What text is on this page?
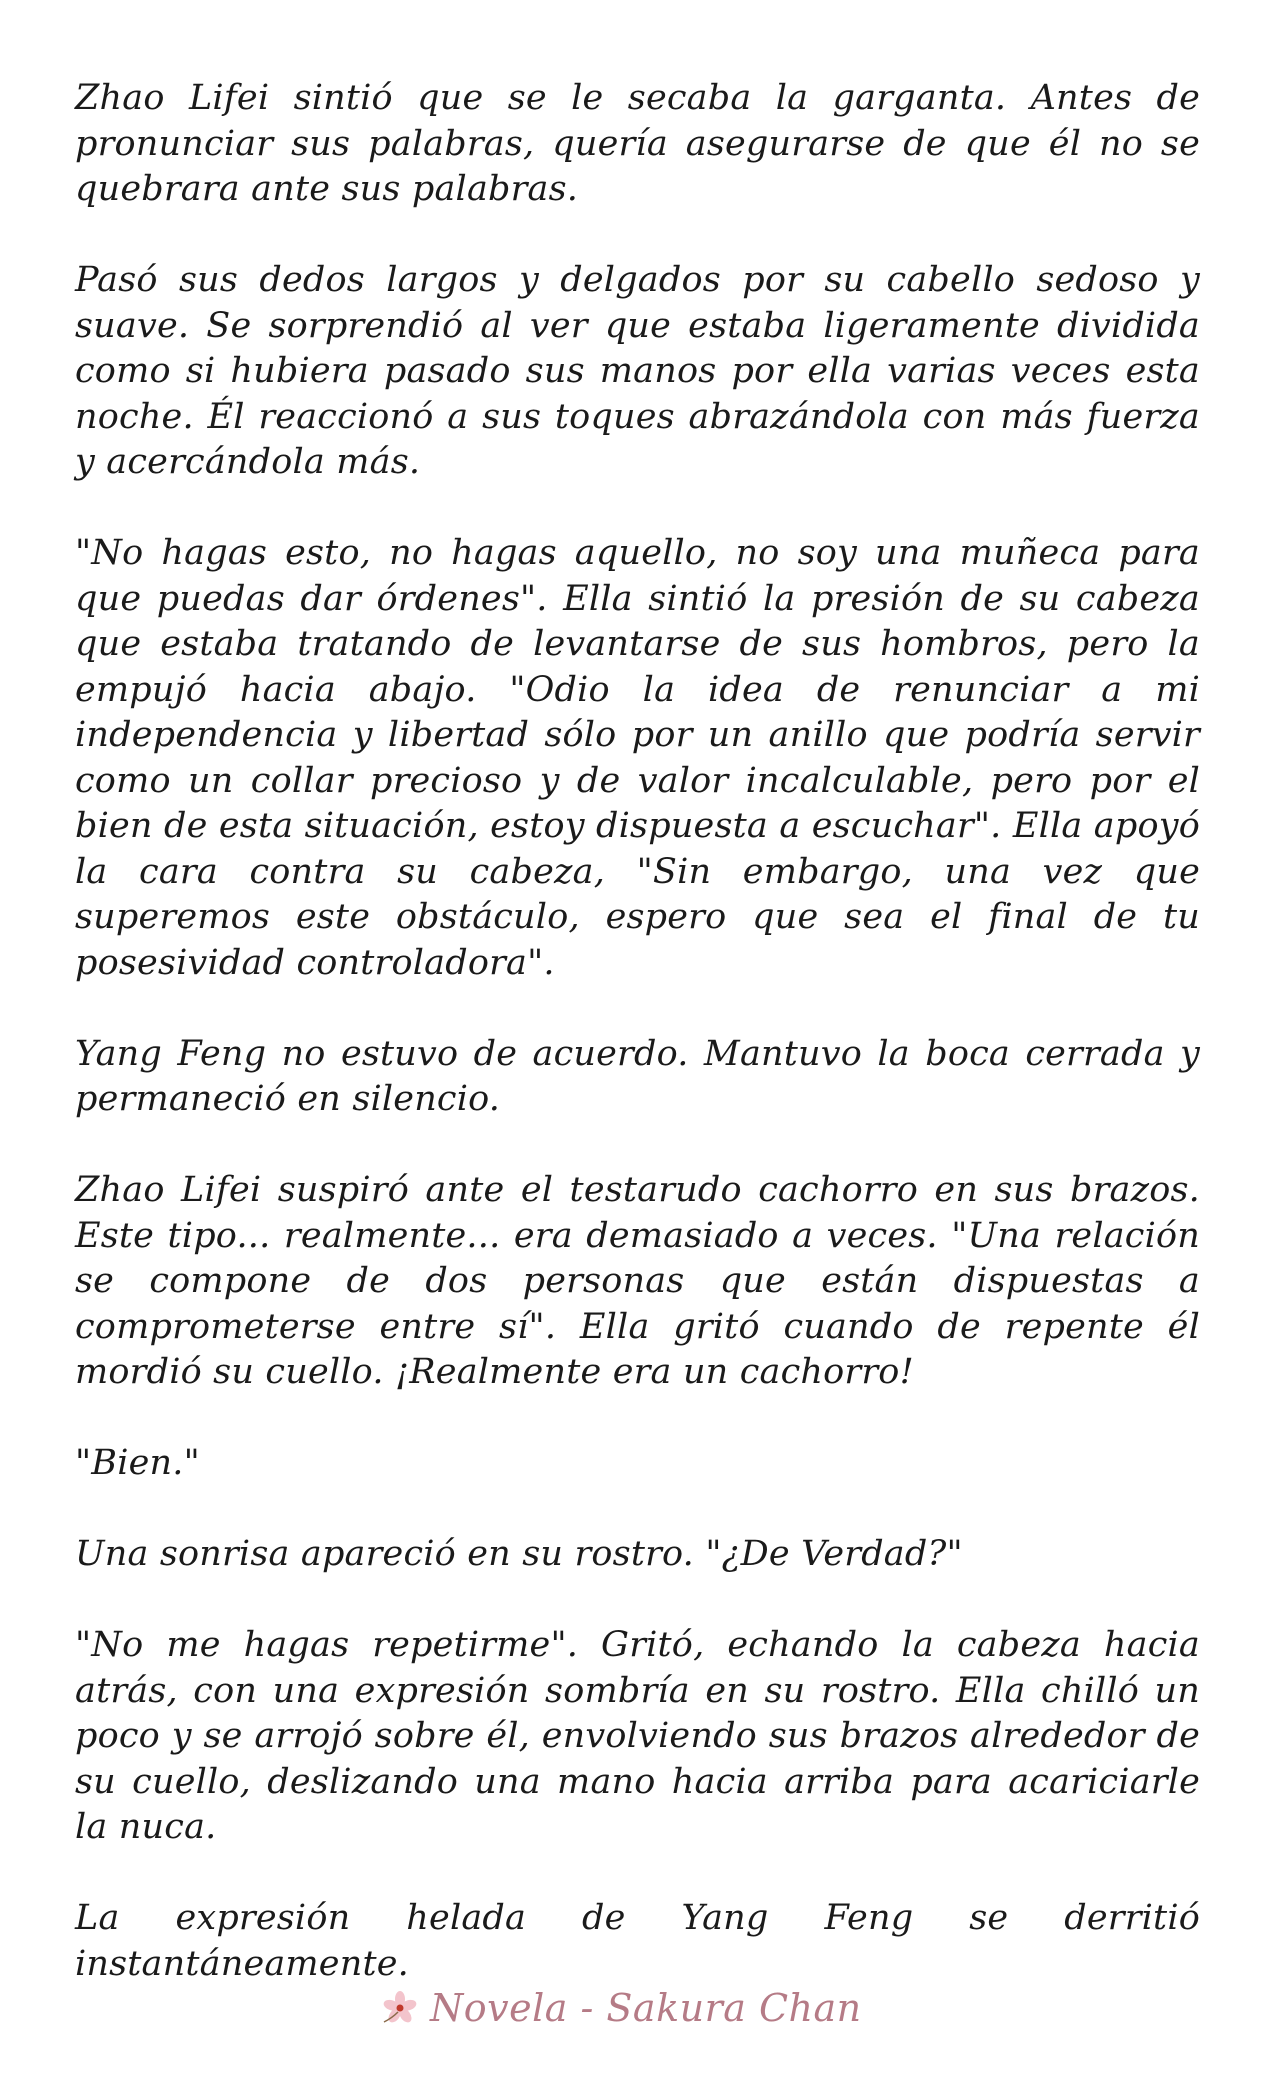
Zhao Lifei sintió que se le secaba la garganta. Antes de pronunciar sus palabras, quería asegurarse de que él no se quebrara ante sus palabras.

Pasó sus dedos largos y delgados por su cabello sedoso y suave. Se sorprendió al ver que estaba ligeramente dividida como si hubiera pasado sus manos por ella varias veces esta noche. Él reaccionó a sus toques abrazándola con más fuerza y acercándola más.

"No hagas esto, no hagas aquello, no soy una muñeca para que puedas dar órdenes". Ella sintió la presión de su cabeza que estaba tratando de levantarse de sus hombros, pero la empujó hacia abajo. "Odio la idea de renunciar a mi independencia y libertad sólo por un anillo que podría servir como un collar precioso y de valor incalculable, pero por el bien de esta situación, estoy dispuesta a escuchar". Ella apoyó la cara contra su cabeza, "Sin embargo, una vez que superemos este obstáculo, espero que sea el final de tu posesividad controladora".

Yang Feng no estuvo de acuerdo. Mantuvo la boca cerrada y permaneció en silencio.

Zhao Lifei suspiró ante el testarudo cachorro en sus brazos. Este tipo... realmente... era demasiado a veces. "Una relación se compone de dos personas que están dispuestas a comprometerse entre sí". Ella gritó cuando de repente él mordió su cuello. ¡Realmente era un cachorro!

"Bien."

Una sonrisa apareció en su rostro. "¿De Verdad?"

"No me hagas repetirme". Gritó, echando la cabeza hacia atrás, con una expresión sombría en su rostro. Ella chilló un poco y se arrojó sobre él, envolviendo sus brazos alrededor de su cuello, deslizando una mano hacia arriba para acariciarle la nuca.

La expresión helada de Yang Feng se derritió instantáneamente.

Novela - Sakura Chan
